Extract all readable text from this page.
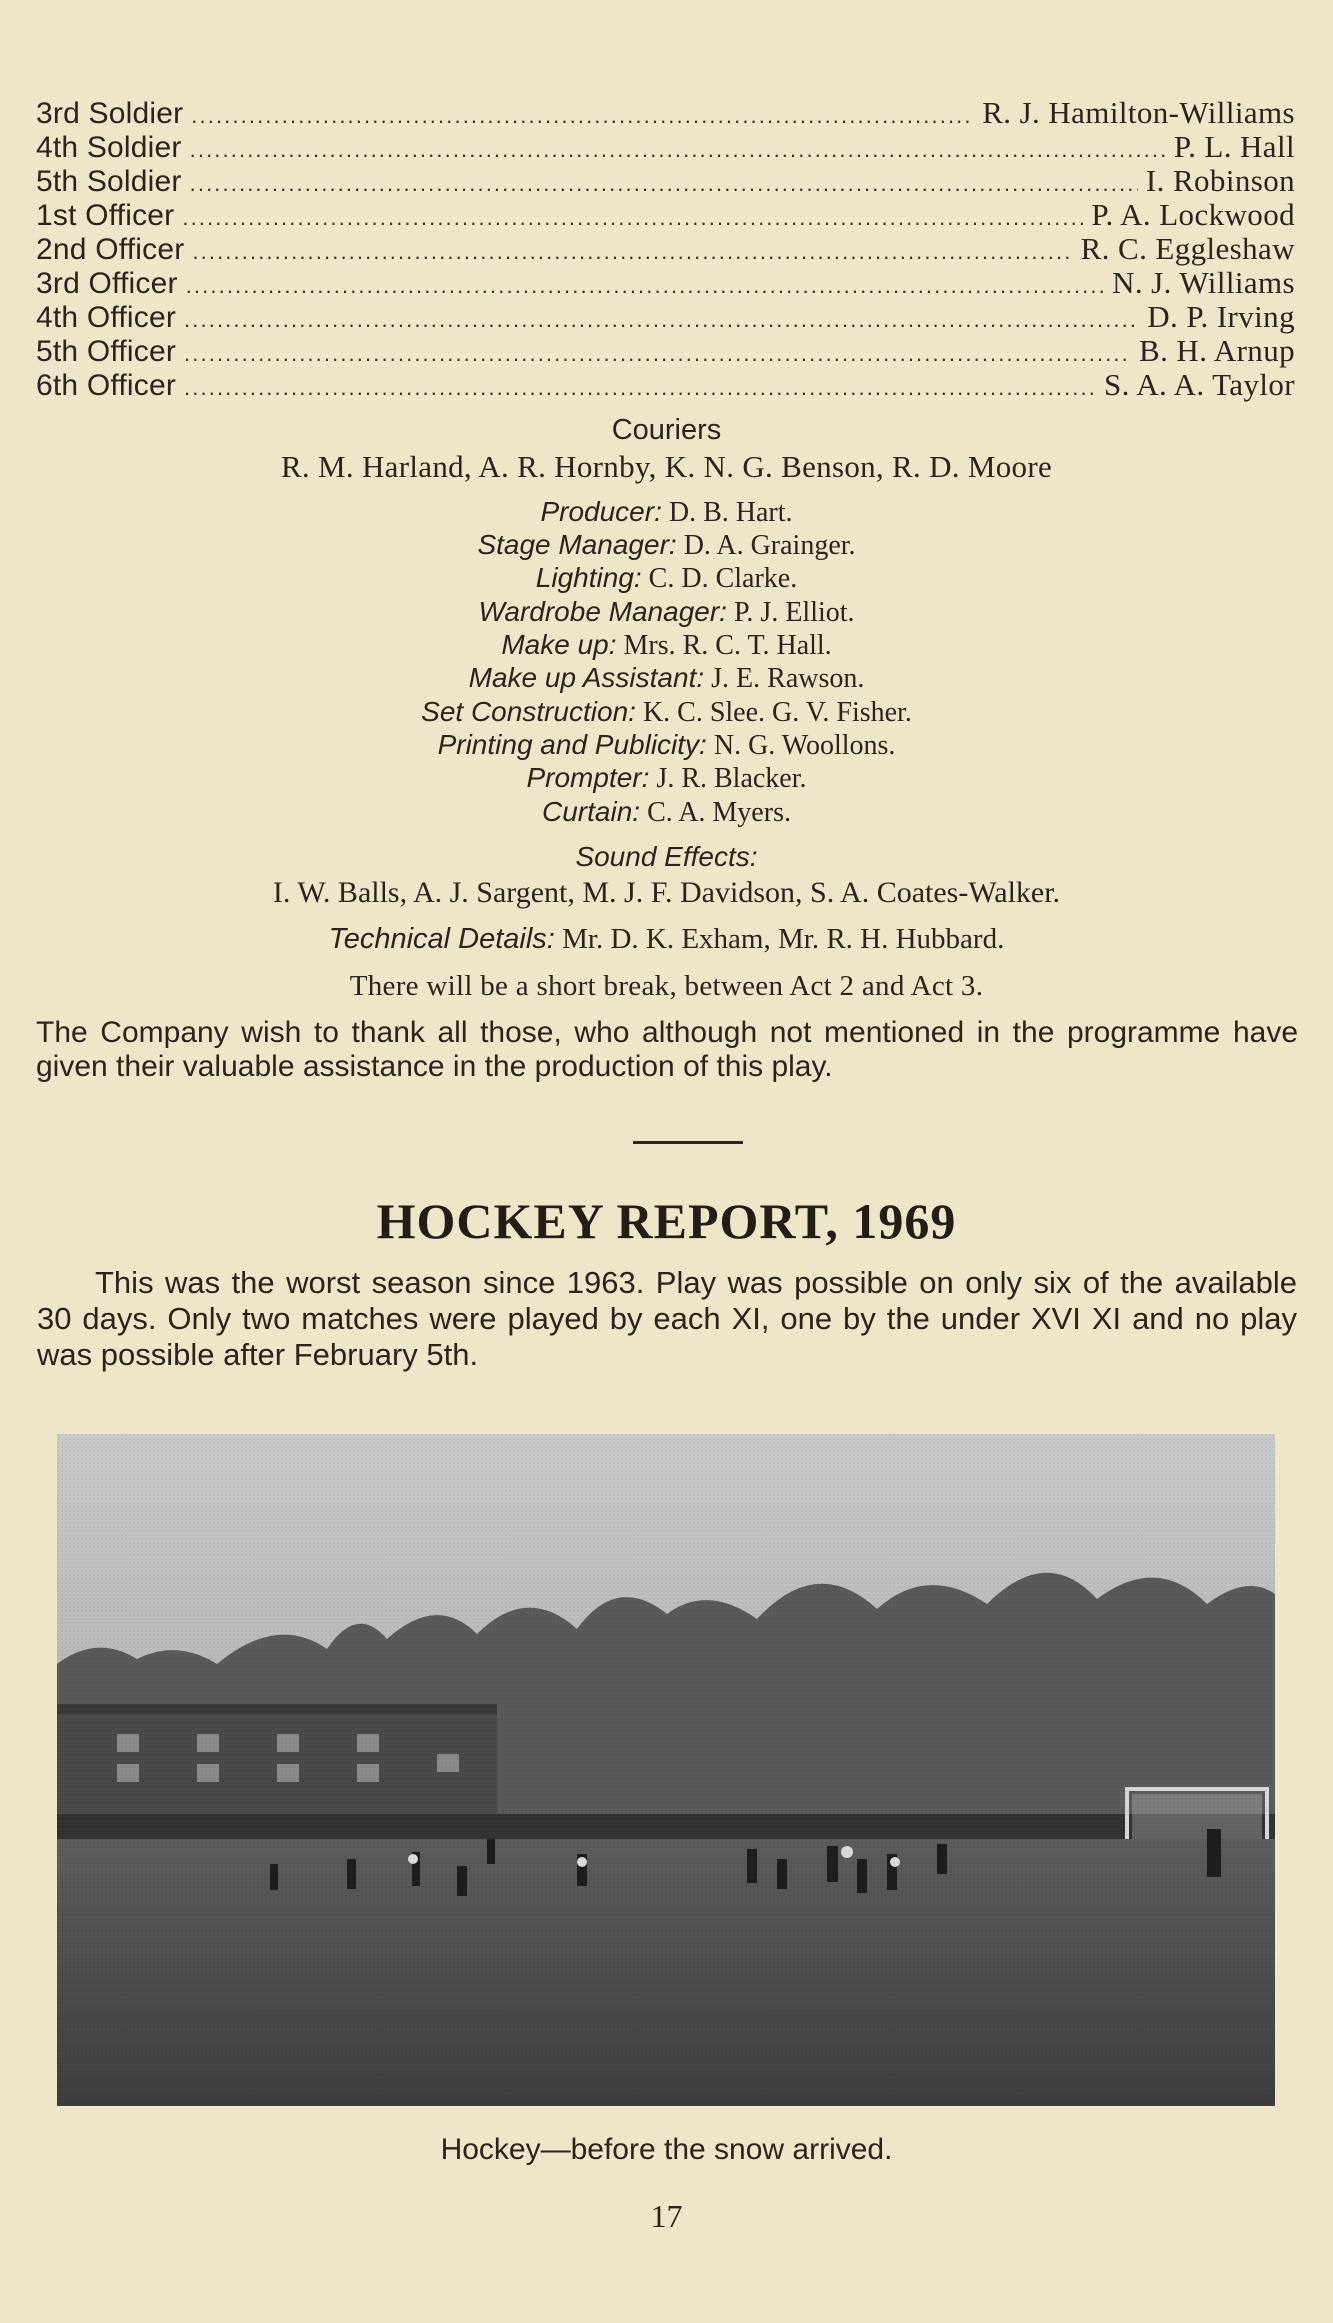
3rd Soldier . . .	R. J. Hamilton-Williams
4th Soldier . . .	P. L. Hall
5th Soldier . . .	I. Robinson
1st Officer . . .	P. A. Lockwood
2nd Officer . . .	R. C. Eggleshaw
3rd Officer . . .	N. J. Williams
4th Officer . . .	D. P. Irving
5th Officer . . .	B. H. Arnup
6th Officer . . .	S. A. A. Taylor
Couriers
R. M. Harland, A. R. Hornby, K. N. G. Benson, R. D. Moore
Producer: D. B. Hart.
Stage Manager: D. A. Grainger.
Lighting: C. D. Clarke.
Wardrobe Manager: P. J. Elliot.
Make up: Mrs. R. C. T. Hall.
Make up Assistant: J. E. Rawson.
Set Construction: K. C. Slee. G. V. Fisher.
Printing and Publicity: N. G. Woollons.
Prompter: J. R. Blacker.
Curtain: C. A. Myers.
Sound Effects:
I. W. Balls, A. J. Sargent, M. J. F. Davidson, S. A. Coates-Walker.
Technical Details: Mr. D. K. Exham, Mr. R. H. Hubbard.
There will be a short break, between Act 2 and Act 3.
The Company wish to thank all those, who although not mentioned in the programme have given their valuable assistance in the production of this play.
HOCKEY REPORT, 1969
This was the worst season since 1963. Play was possible on only six of the available 30 days. Only two matches were played by each XI, one by the under XVI XI and no play was possible after February 5th.
Hockey—before the snow arrived.
17
